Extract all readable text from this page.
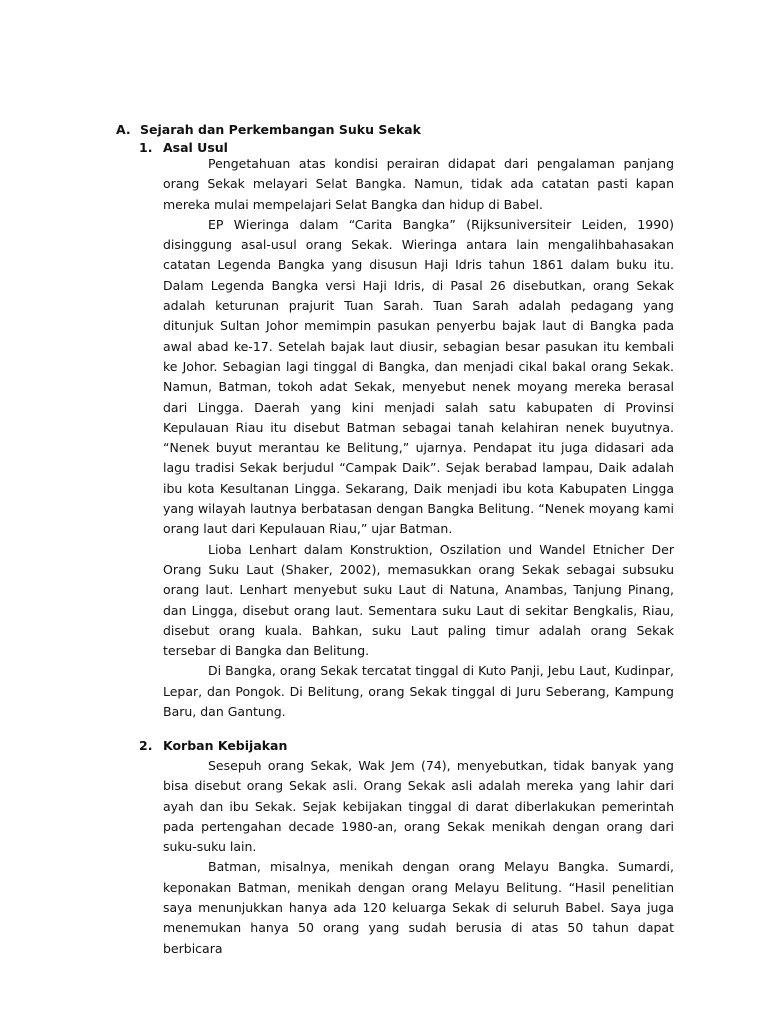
A. Sejarah dan Perkembangan Suku Sekak
1. Asal Usul

Pengetahuan atas kondisi perairan didapat dari pengalaman panjang orang Sekak melayari Selat Bangka. Namun, tidak ada catatan pasti kapan mereka mulai mempelajari Selat Bangka dan hidup di Babel.

EP Wieringa dalam “Carita Bangka” (Rijksuniversiteir Leiden, 1990) disinggung asal-usul orang Sekak. Wieringa antara lain mengalihbahasakan catatan Legenda Bangka yang disusun Haji Idris tahun 1861 dalam buku itu. Dalam Legenda Bangka versi Haji Idris, di Pasal 26 disebutkan, orang Sekak adalah keturunan prajurit Tuan Sarah. Tuan Sarah adalah pedagang yang ditunjuk Sultan Johor memimpin pasukan penyerbu bajak laut di Bangka pada awal abad ke-17. Setelah bajak laut diusir, sebagian besar pasukan itu kembali ke Johor. Sebagian lagi tinggal di Bangka, dan menjadi cikal bakal orang Sekak. Namun, Batman, tokoh adat Sekak, menyebut nenek moyang mereka berasal dari Lingga. Daerah yang kini menjadi salah satu kabupaten di Provinsi Kepulauan Riau itu disebut Batman sebagai tanah kelahiran nenek buyutnya. “Nenek buyut merantau ke Belitung,” ujarnya. Pendapat itu juga didasari ada lagu tradisi Sekak berjudul “Campak Daik”. Sejak berabad lampau, Daik adalah ibu kota Kesultanan Lingga. Sekarang, Daik menjadi ibu kota Kabupaten Lingga yang wilayah lautnya berbatasan dengan Bangka Belitung. “Nenek moyang kami orang laut dari Kepulauan Riau,” ujar Batman.

Lioba Lenhart dalam Konstruktion, Oszilation und Wandel Etnicher Der Orang Suku Laut (Shaker, 2002), memasukkan orang Sekak sebagai subsuku orang laut. Lenhart menyebut suku Laut di Natuna, Anambas, Tanjung Pinang, dan Lingga, disebut orang laut. Sementara suku Laut di sekitar Bengkalis, Riau, disebut orang kuala. Bahkan, suku Laut paling timur adalah orang Sekak tersebar di Bangka dan Belitung.

Di Bangka, orang Sekak tercatat tinggal di Kuto Panji, Jebu Laut, Kudinpar, Lepar, dan Pongok. Di Belitung, orang Sekak tinggal di Juru Seberang, Kampung Baru, dan Gantung.

2. Korban Kebijakan

Sesepuh orang Sekak, Wak Jem (74), menyebutkan, tidak banyak yang bisa disebut orang Sekak asli. Orang Sekak asli adalah mereka yang lahir dari ayah dan ibu Sekak. Sejak kebijakan tinggal di darat diberlakukan pemerintah pada pertengahan decade 1980-an, orang Sekak menikah dengan orang dari suku-suku lain.

Batman, misalnya, menikah dengan orang Melayu Bangka. Sumardi, keponakan Batman, menikah dengan orang Melayu Belitung. “Hasil penelitian saya menunjukkan hanya ada 120 keluarga Sekak di seluruh Babel. Saya juga menemukan hanya 50 orang yang sudah berusia di atas 50 tahun dapat berbicara
